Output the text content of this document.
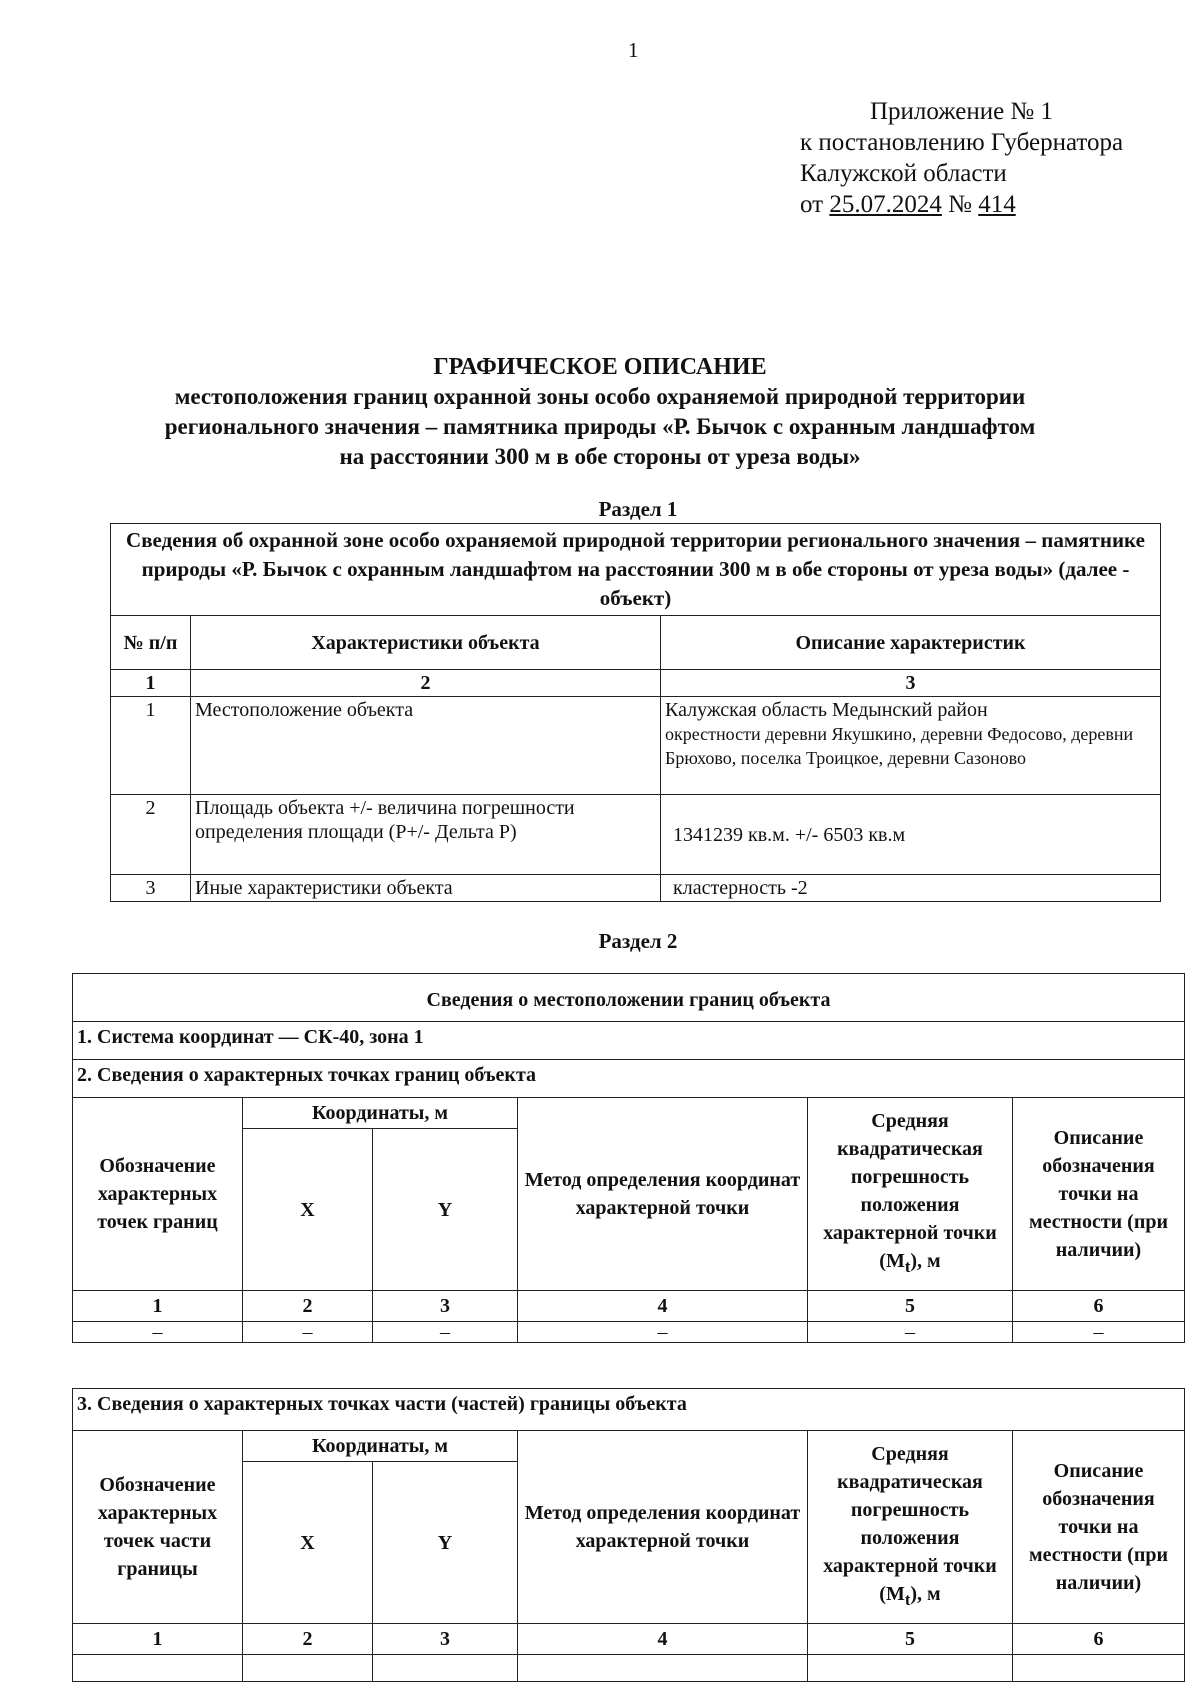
1
Приложение № 1
к постановлению Губернатора
Калужской области
от 25.07.2024 № 414
ГРАФИЧЕСКОЕ ОПИСАНИЕ
местоположения границ охранной зоны особо охраняемой природной территории
регионального значения – памятника природы «Р. Бычок с охранным ландшафтом
на расстоянии 300 м в обе стороны от уреза воды»
Раздел 1
Сведения об охранной зоне особо охраняемой природной территории регионального значения – памятнике природы «Р. Бычок с охранным ландшафтом на расстоянии 300 м в обе стороны от уреза воды» (далее - объект)		
№ п/п	Характеристики объекта	Описание характеристик
1	2	3
1	Местоположение объекта	Калужская область Медынский район
окрестности деревни Якушкино, деревни Федосово, деревни Брюхово, поселка Троицкое, деревни Сазоново

2	Площадь объекта +/- величина погрешности определения площади (Р+/- Дельта Р)	1341239 кв.м. +/- 6503 кв.м
3	Иные характеристики объекта	кластерность -2
Раздел 2
Сведения о местоположении границ объекта					
1. Система координат — СК-40, зона 1					
2. Сведения о характерных точках границ объекта					
Обозначение характерных точек границ	Координаты, м		Метод определения координат характерной точки	Средняя квадратическая погрешность положения характерной точки $(M_t)$, м	Описание обозначения точки на местности (при наличии)
	X	Y			
1	2	3	4	5	6
–	–	–	–	–	–
3. Сведения о характерных точках части (частей) границы объекта					
Обозначение характерных точек части границы	Координаты, м		Метод определения координат характерной точки	Средняя квадратическая погрешность положения характерной точки $(M_t)$, м	Описание обозначения точки на местности (при наличии)
	X	Y			
1	2	3	4	5	6
